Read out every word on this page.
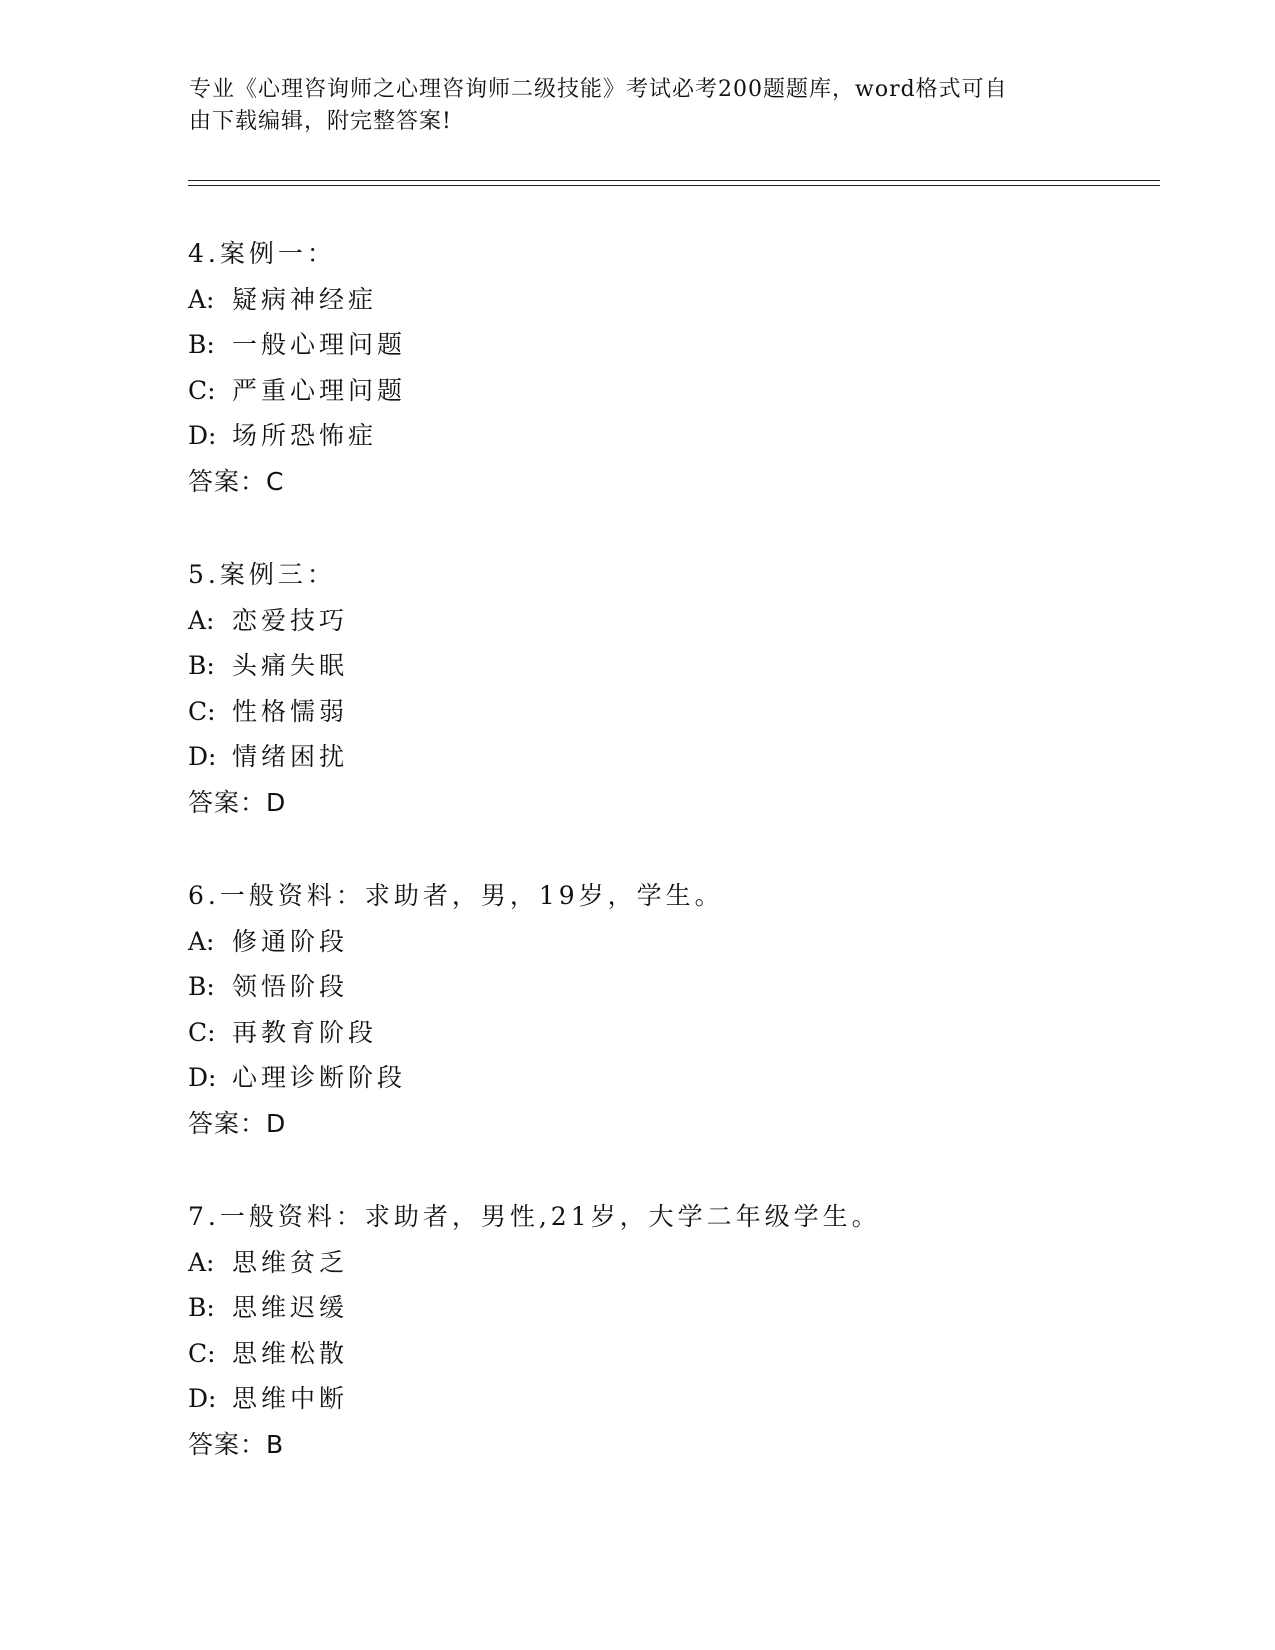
专业《心理咨询师之心理咨询师二级技能》考试必考200题题库，word格式可自
由下载编辑，附完整答案!
4.案例一：
A: 疑病神经症
B: 一般心理问题
C: 严重心理问题
D: 场所恐怖症
答案：C
5.案例三：
A: 恋爱技巧
B: 头痛失眠
C: 性格懦弱
D: 情绪困扰
答案：D
6.一般资料：求助者，男，19岁，学生。
A: 修通阶段
B: 领悟阶段
C: 再教育阶段
D: 心理诊断阶段
答案：D
7.一般资料：求助者，男性,21岁，大学二年级学生。
A: 思维贫乏
B: 思维迟缓
C: 思维松散
D: 思维中断
答案：B
